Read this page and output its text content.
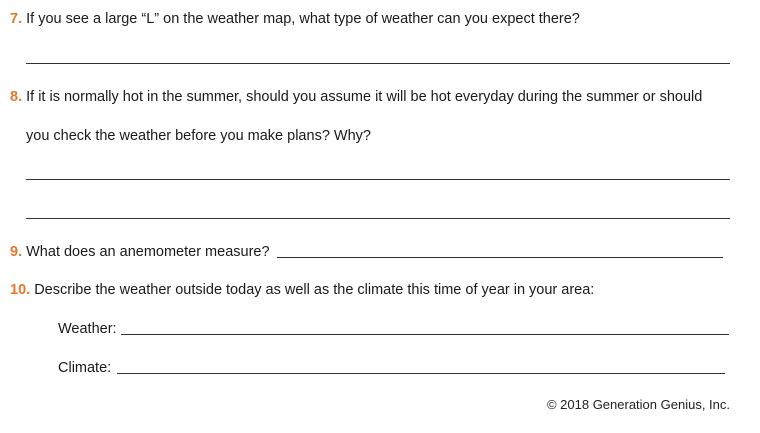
7. If you see a large “L” on the weather map, what type of weather can you expect there?
8. If it is normally hot in the summer, should you assume it will be hot everyday during the summer or should
you check the weather before you make plans? Why?
9. What does an anemometer measure?
10. Describe the weather outside today as well as the climate this time of year in your area:
Weather:
Climate:
© 2018 Generation Genius, Inc.
